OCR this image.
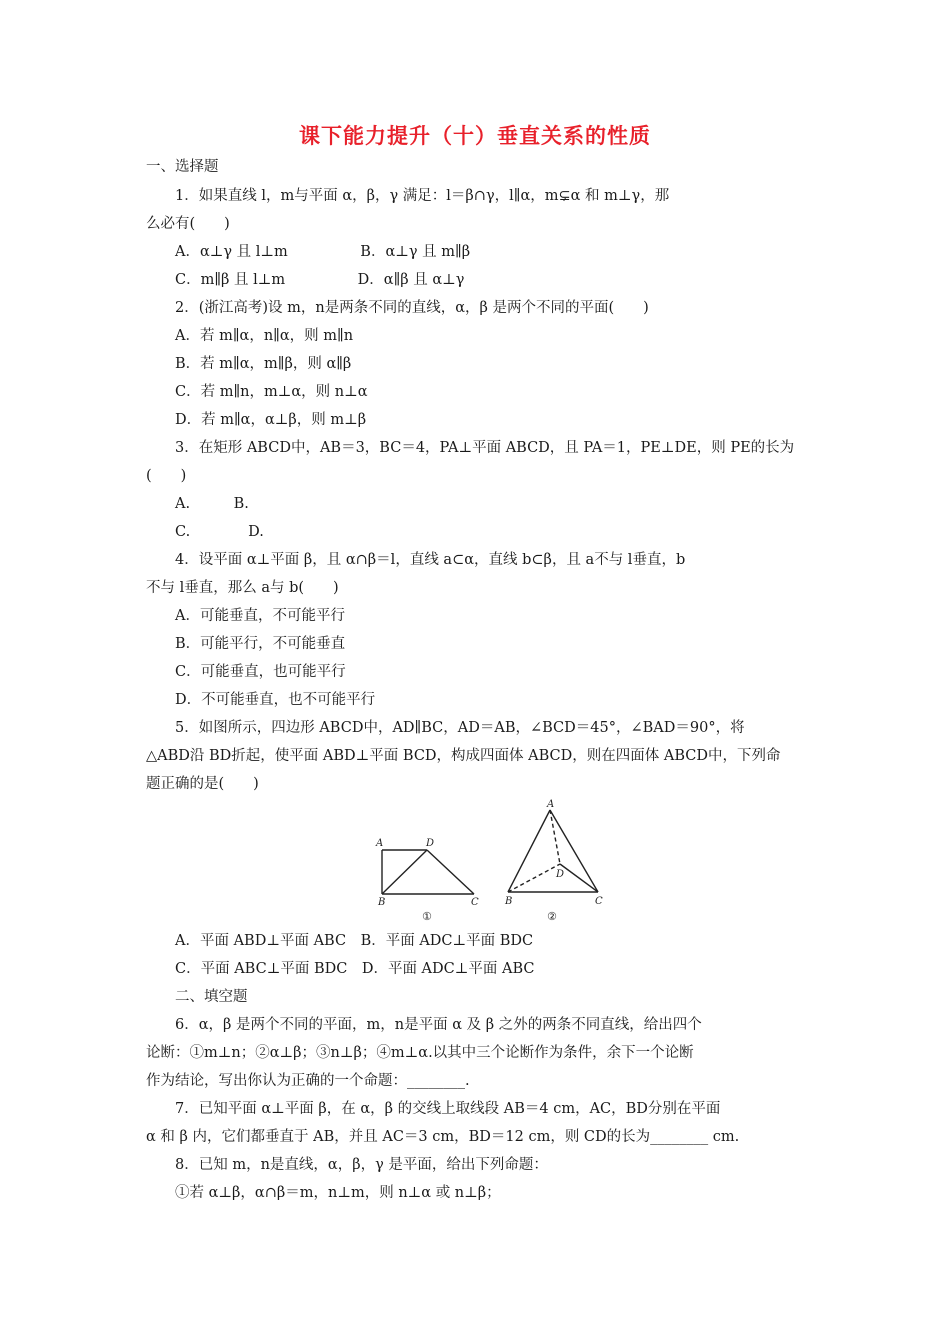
课下能力提升（十）垂直关系的性质
一、选择题
1．如果直线 l，m与平面 α，β，γ 满足：l＝β∩γ，l∥α，m⊊α 和 m⊥γ，那
么必有(　　)
A．α⊥γ 且 l⊥m　　　　　B．α⊥γ 且 m∥β
C．m∥β 且 l⊥m　　　　　D．α∥β 且 α⊥γ
2．(浙江高考)设 m，n是两条不同的直线，α，β 是两个不同的平面(　　)
A．若 m∥α，n∥α，则 m∥n
B．若 m∥α，m∥β，则 α∥β
C．若 m∥n，m⊥α，则 n⊥α
D．若 m∥α，α⊥β，则 m⊥β
3．在矩形 ABCD中，AB＝3，BC＝4，PA⊥平面 ABCD，且 PA＝1，PE⊥DE，则 PE的长为
(　　)
A.　　　B.
C.　　　　D.
4．设平面 α⊥平面 β，且 α∩β＝l，直线 a⊂α，直线 b⊂β，且 a不与 l垂直，b
不与 l垂直，那么 a与 b(　　)
A．可能垂直，不可能平行
B．可能平行，不可能垂直
C．可能垂直，也可能平行
D．不可能垂直，也不可能平行
5．如图所示，四边形 ABCD中，AD∥BC，AD＝AB，∠BCD＝45°，∠BAD＝90°，将
△ABD沿 BD折起，使平面 ABD⊥平面 BCD，构成四面体 ABCD，则在四面体 ABCD中，下列命
题正确的是(　　)
A	D
B	C
①
A
D
B	C
②
A．平面 ABD⊥平面 ABC　B．平面 ADC⊥平面 BDC
C．平面 ABC⊥平面 BDC　D．平面 ADC⊥平面 ABC
二、填空题
6．α，β 是两个不同的平面，m，n是平面 α 及 β 之外的两条不同直线，给出四个
论断：①m⊥n；②α⊥β；③n⊥β；④m⊥α.以其中三个论断作为条件，余下一个论断
作为结论，写出你认为正确的一个命题：________.
7．已知平面 α⊥平面 β，在 α，β 的交线上取线段 AB＝4 cm，AC，BD分别在平面
α 和 β 内，它们都垂直于 AB，并且 AC＝3 cm，BD＝12 cm，则 CD的长为________ cm.
8．已知 m，n是直线，α，β，γ 是平面，给出下列命题：
①若 α⊥β，α∩β＝m，n⊥m，则 n⊥α 或 n⊥β；
